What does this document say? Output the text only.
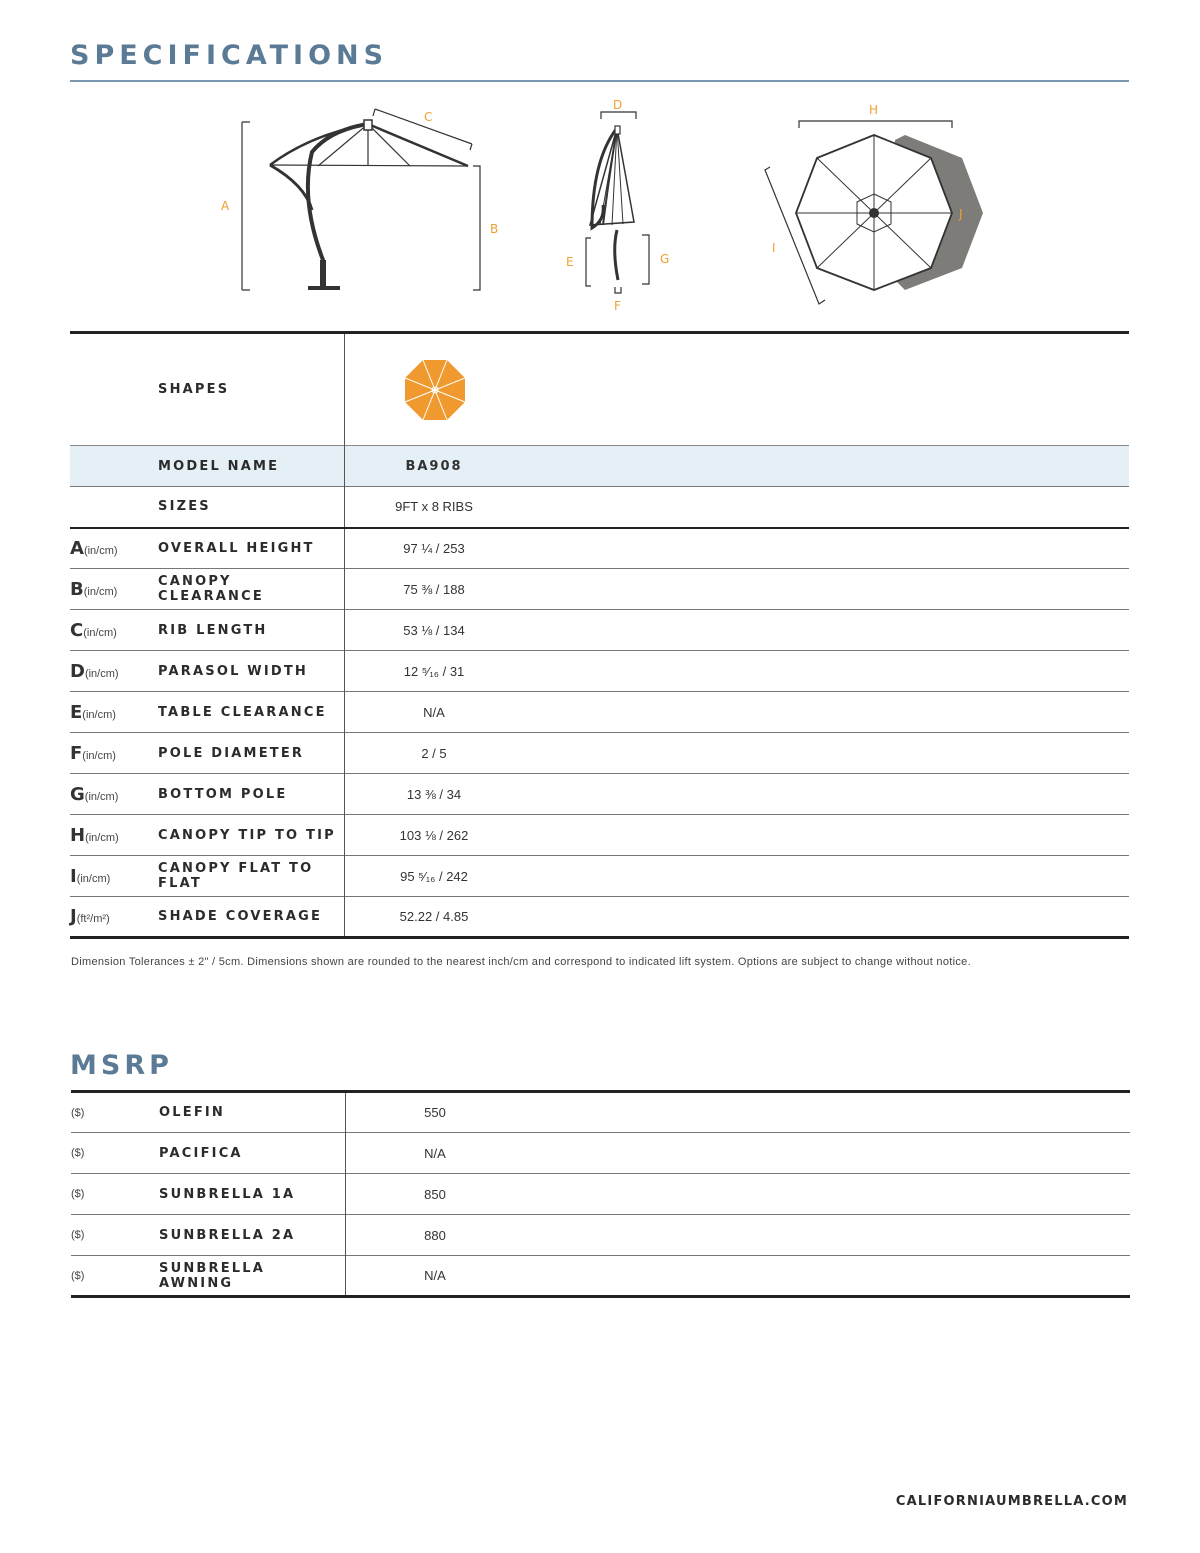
SPECIFICATIONS
A
B
C
D
E
F
G
H
I
J
	SHAPES	

	MODEL NAME	BA908
	SIZES	9FT x 8 RIBS
A(in/cm)	OVERALL HEIGHT	97 ¼ / 253
B(in/cm)	CANOPY CLEARANCE	75 ⅜ / 188
C(in/cm)	RIB LENGTH	53 ⅛ / 134
D(in/cm)	PARASOL WIDTH	12 ⁵⁄₁₆ / 31
E(in/cm)	TABLE CLEARANCE	N/A
F(in/cm)	POLE DIAMETER	2 / 5
G(in/cm)	BOTTOM POLE	13 ⅜ / 34
H(in/cm)	CANOPY TIP TO TIP	103 ⅛ / 262
I(in/cm)	CANOPY FLAT TO FLAT	95 ⁵⁄₁₆ / 242
J(ft²/m²)	SHADE COVERAGE	52.22 / 4.85

Dimension Tolerances ± 2" / 5cm. Dimensions shown are rounded to the nearest inch/cm and correspond to indicated lift system. Options are subject to change without notice.

MSRP
($)	OLEFIN	550
($)	PACIFICA	N/A
($)	SUNBRELLA 1A	850
($)	SUNBRELLA 2A	880
($)	SUNBRELLA AWNING	N/A

CALIFORNIAUMBRELLA.COM
